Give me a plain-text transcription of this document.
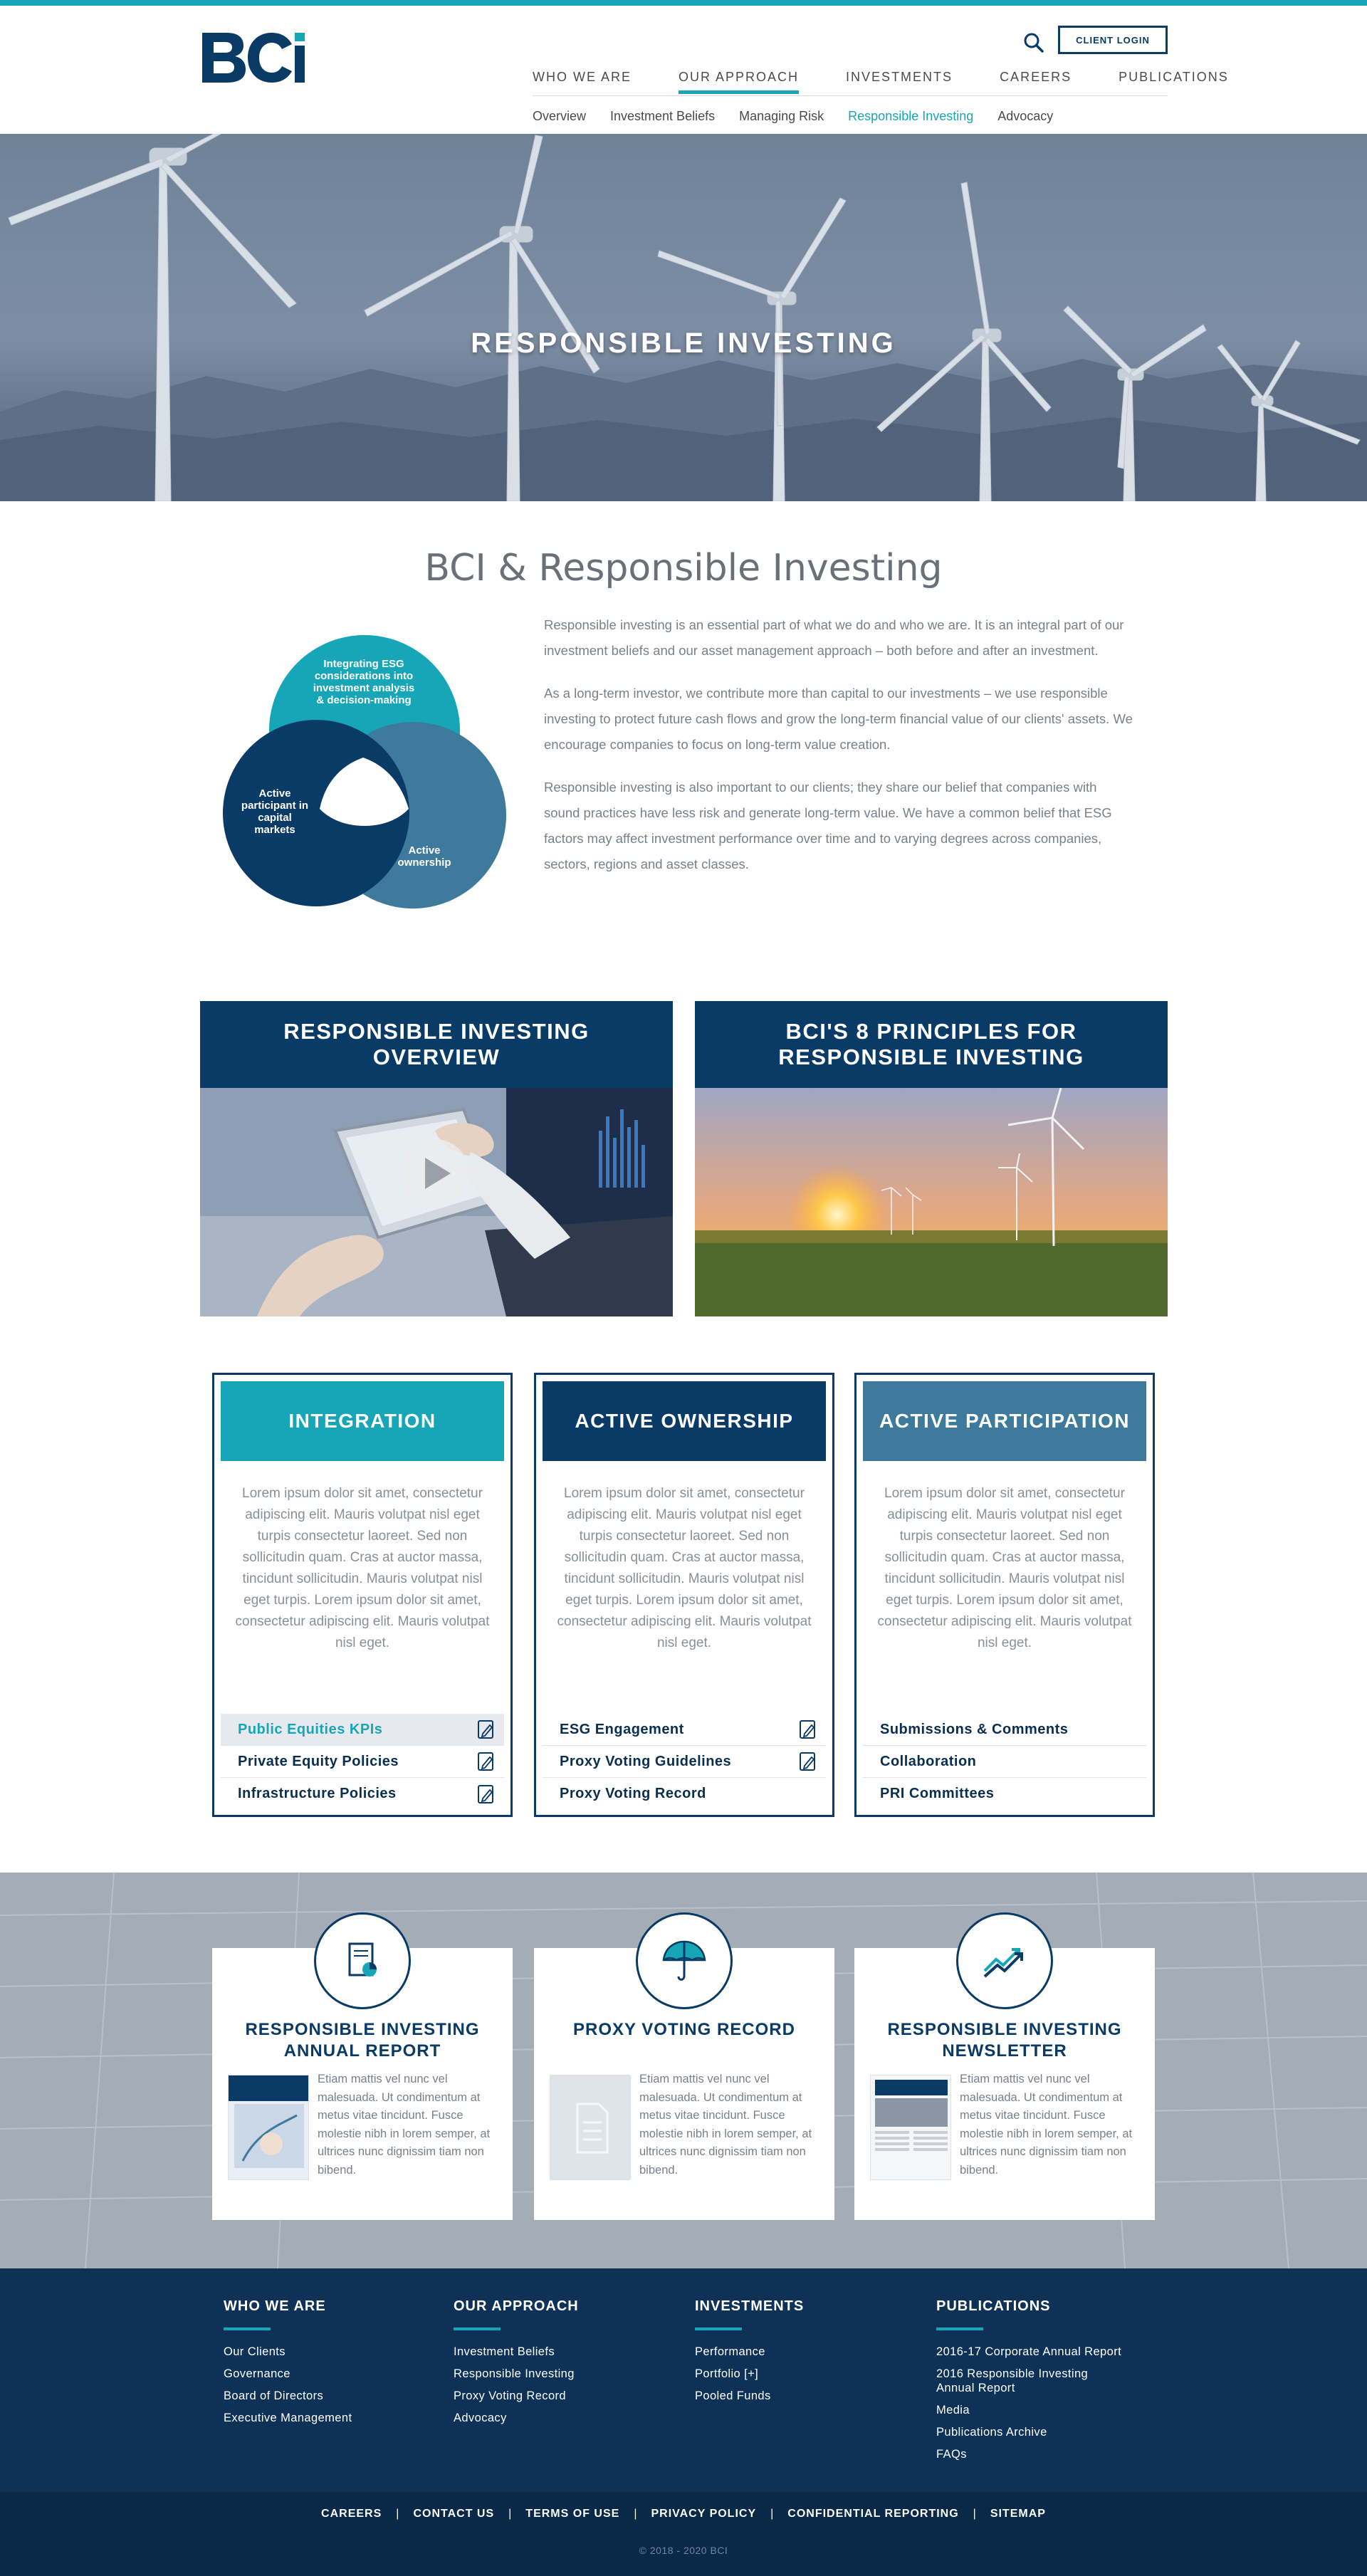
CLIENT LOGIN
WHO WE ARE	OUR APPROACH	INVESTMENTS	CAREERS	PUBLICATIONS
Overview Investment Beliefs Managing Risk Responsible Investing Advocacy
RESPONSIBLE INVESTING
BCI & Responsible Investing
Integrating ESG considerations into investment analysis & decision-making
Active participant in capital markets
Active ownership

Responsible investing is an essential part of what we do and who we are. It is an integral part of our investment beliefs and our asset management approach – both before and after an investment.

As a long-term investor, we contribute more than capital to our investments – we use responsible investing to protect future cash flows and grow the long-term financial value of our clients' assets. We encourage companies to focus on long-term value creation.

Responsible investing is also important to our clients; they share our belief that companies with sound practices have less risk and generate long-term value. We have a common belief that ESG factors may affect investment performance over time and to varying degrees across companies, sectors, regions and asset classes.

RESPONSIBLE INVESTING OVERVIEW
BCI'S 8 PRINCIPLES FOR RESPONSIBLE INVESTING
INTEGRATION
Lorem ipsum dolor sit amet, consectetur adipiscing elit. Mauris volutpat nisl eget turpis consectetur laoreet. Sed non sollicitudin quam. Cras at auctor massa, tincidunt sollicitudin. Mauris volutpat nisl eget turpis. Lorem ipsum dolor sit amet, consectetur adipiscing elit. Mauris volutpat nisl eget.
Public Equities KPIs
Private Equity Policies
Infrastructure Policies
ACTIVE OWNERSHIP
Lorem ipsum dolor sit amet, consectetur adipiscing elit. Mauris volutpat nisl eget turpis consectetur laoreet. Sed non sollicitudin quam. Cras at auctor massa, tincidunt sollicitudin. Mauris volutpat nisl eget turpis. Lorem ipsum dolor sit amet, consectetur adipiscing elit. Mauris volutpat nisl eget.
ESG Engagement
Proxy Voting Guidelines
Proxy Voting Record
ACTIVE PARTICIPATION
Lorem ipsum dolor sit amet, consectetur adipiscing elit. Mauris volutpat nisl eget turpis consectetur laoreet. Sed non sollicitudin quam. Cras at auctor massa, tincidunt sollicitudin. Mauris volutpat nisl eget turpis. Lorem ipsum dolor sit amet, consectetur adipiscing elit. Mauris volutpat nisl eget.
Submissions & Comments
Collaboration
PRI Committees
RESPONSIBLE INVESTING ANNUAL REPORT
Etiam mattis vel nunc vel malesuada. Ut condimentum at metus vitae tincidunt. Fusce molestie nibh in lorem semper, at ultrices nunc dignissim tiam non bibend.
PROXY VOTING RECORD
Etiam mattis vel nunc vel malesuada. Ut condimentum at metus vitae tincidunt. Fusce molestie nibh in lorem semper, at ultrices nunc dignissim tiam non bibend.
RESPONSIBLE INVESTING NEWSLETTER
Etiam mattis vel nunc vel malesuada. Ut condimentum at metus vitae tincidunt. Fusce molestie nibh in lorem semper, at ultrices nunc dignissim tiam non bibend.
WHO WE ARE
Our Clients
Governance
Board of Directors
Executive Management
OUR APPROACH
Investment Beliefs
Responsible Investing
Proxy Voting Record
Advocacy
INVESTMENTS
Performance
Portfolio [+]
Pooled Funds
PUBLICATIONS
2016-17 Corporate Annual Report
2016 Responsible Investing Annual Report
Media
Publications Archive
FAQs
CAREERS | CONTACT US | TERMS OF USE | PRIVACY POLICY | CONFIDENTIAL REPORTING | SITEMAP
© 2018 - 2020 BCI
